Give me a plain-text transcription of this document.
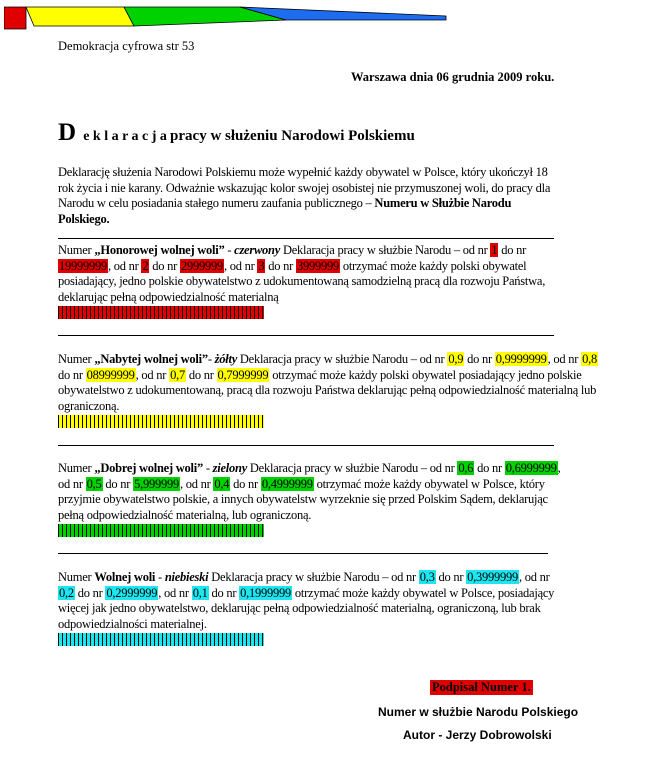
Demokracja cyfrowa str 53
Warszawa dnia 06 grudnia 2009 roku.
D e k l a r a c j a pracy w służeniu Narodowi Polskiemu
Deklarację służenia Narodowi Polskiemu może wypełnić każdy obywatel w Polsce, który ukończył 18 rok życia i nie karany. Odważnie wskazując kolor swojej osobistej nie przymuszonej woli, do pracy dla Narodu w celu posiadania stałego numeru zaufania publicznego – Numeru w Służbie Narodu Polskiego.
Numer „Honorowej wolnej woli” - czerwony Deklaracja pracy w służbie Narodu – od nr 1 do nr 19999999, od nr 2 do nr 2999999, od nr 3 do nr 3999999 otrzymać może każdy polski obywatel posiadający, jedno polskie obywatelstwo z udokumentowaną samodzielną pracą dla rozwoju Państwa, deklarując pełną odpowiedzialność materialną
Numer „Nabytej wolnej woli”- żółty Deklaracja pracy w służbie Narodu – od nr 0,9 do nr 0,9999999, od nr 0,8 do nr 08999999, od nr 0,7 do nr 0,7999999 otrzymać może każdy polski obywatel posiadający jedno polskie obywatelstwo z udokumentowaną, pracą dla rozwoju Państwa deklarując pełną odpowiedzialność materialną lub ograniczoną.
Numer „Dobrej wolnej woli” - zielony Deklaracja pracy w służbie Narodu – od nr 0,6 do nr 0,6999999, od nr 0,5 do nr 5,999999, od nr 0,4 do nr 0,4999999 otrzymać może każdy obywatel w Polsce, który przyjmie obywatelstwo polskie, a innych obywatelstw wyrzeknie się przed Polskim Sądem, deklarując pełną odpowiedzialność materialną, lub ograniczoną.
Numer Wolnej woli - niebieski Deklaracja pracy w służbie Narodu – od nr 0,3 do nr 0,3999999, od nr 0,2 do nr 0,2999999, od nr 0,1 do nr 0,1999999 otrzymać może każdy obywatel w Polsce, posiadający więcej jak jedno obywatelstwo, deklarując pełną odpowiedzialność materialną, ograniczoną, lub brak odpowiedzialności materialnej.
Podpisał Numer 1.
Numer w służbie Narodu Polskiego
Autor - Jerzy Dobrowolski
